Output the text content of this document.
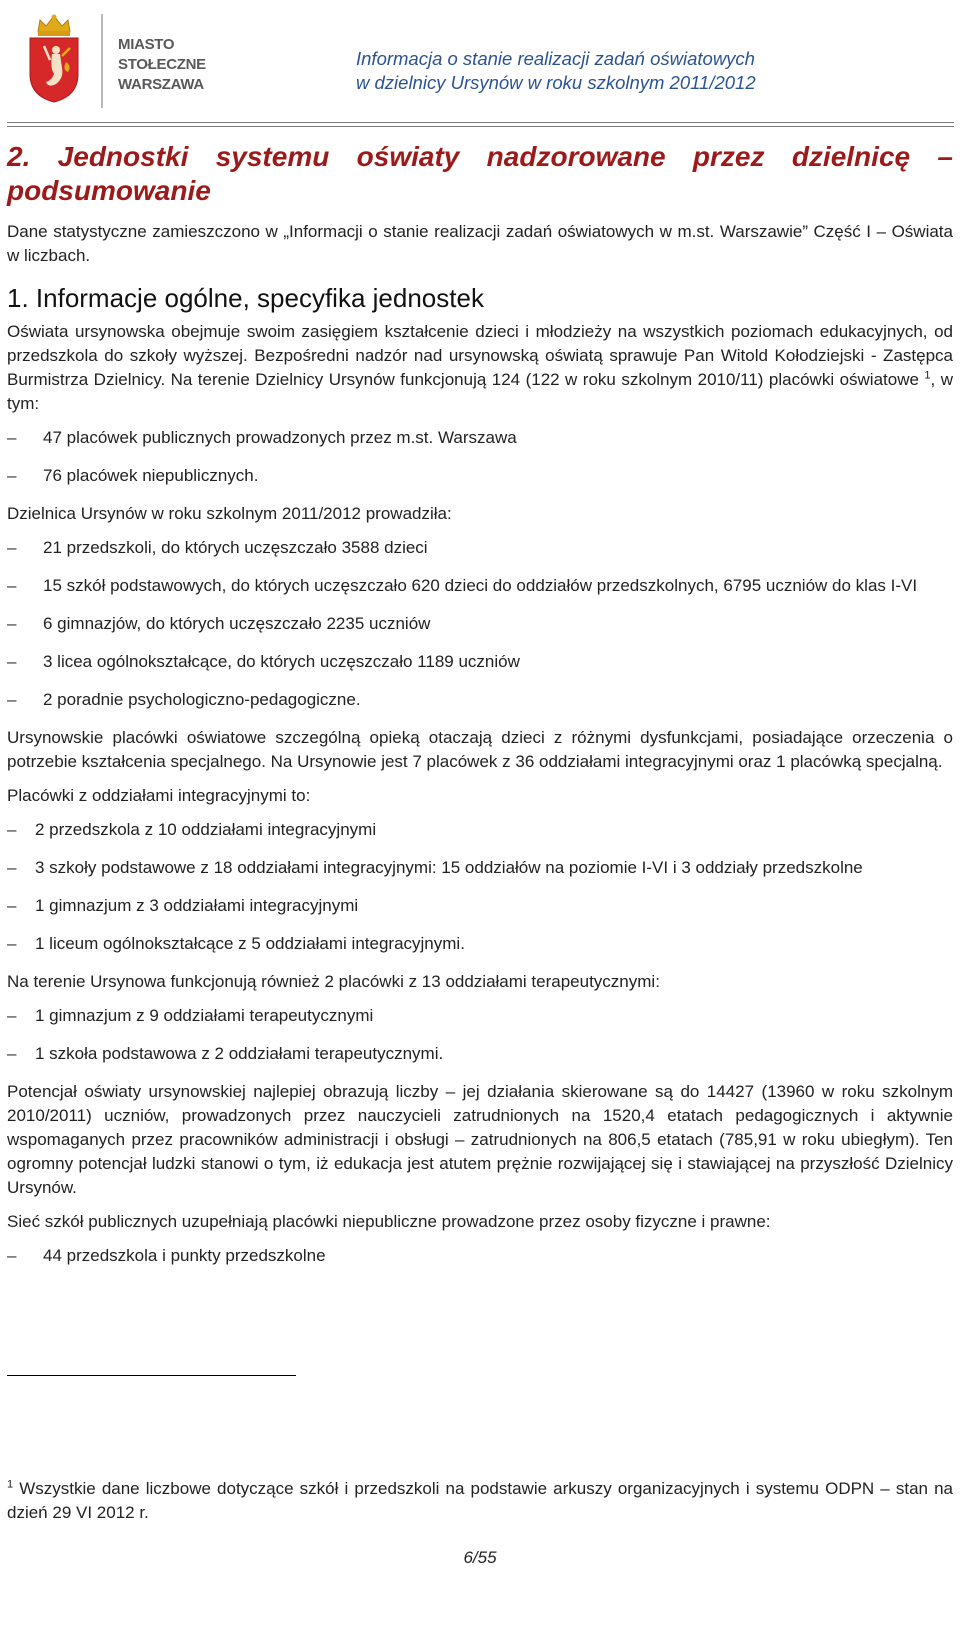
MIASTO
STOŁECZNE
WARSZAWA
Informacja o stanie realizacji zadań oświatowych
w dzielnicy Ursynów w roku szkolnym 2011/2012
2. Jednostki systemu oświaty nadzorowane przez dzielnicę – podsumowanie

Dane statystyczne zamieszczono w „Informacji o stanie realizacji zadań oświatowych w m.st. Warszawie” Część I – Oświata w liczbach.

1. Informacje ogólne, specyfika jednostek

Oświata ursynowska obejmuje swoim zasięgiem kształcenie dzieci i młodzieży na wszystkich poziomach edukacyjnych, od przedszkola do szkoły wyższej. Bezpośredni nadzór nad ursynowską oświatą sprawuje Pan Witold Kołodziejski - Zastępca Burmistrza Dzielnicy. Na terenie Dzielnicy Ursynów funkcjonują 124 (122 w roku szkolnym 2010/11) placówki oświatowe $^1$, w tym:

–	47 placówek publicznych prowadzonych przez m.st. Warszawa
–	76 placówek niepublicznych.

Dzielnica Ursynów w roku szkolnym 2011/2012 prowadziła:

–	21 przedszkoli, do których uczęszczało 3588 dzieci
–	15 szkół podstawowych, do których uczęszczało 620 dzieci do oddziałów przedszkolnych, 6795 uczniów do klas I-VI
–	6 gimnazjów, do których uczęszczało 2235 uczniów
–	3 licea ogólnokształcące, do których uczęszczało 1189 uczniów
–	2 poradnie psychologiczno-pedagogiczne.

Ursynowskie placówki oświatowe szczególną opieką otaczają dzieci z różnymi dysfunkcjami, posiadające orzeczenia o potrzebie kształcenia specjalnego. Na Ursynowie jest 7 placówek z 36 oddziałami integracyjnymi oraz 1 placówką specjalną.

Placówki z oddziałami integracyjnymi to:

–	2 przedszkola z 10 oddziałami integracyjnymi
–	3 szkoły podstawowe z 18 oddziałami integracyjnymi: 15 oddziałów na poziomie I-VI i 3 oddziały przedszkolne
–	1 gimnazjum z 3 oddziałami integracyjnymi
–	1 liceum ogólnokształcące z 5 oddziałami integracyjnymi.

Na terenie Ursynowa funkcjonują również 2 placówki z 13 oddziałami terapeutycznymi:

–	1 gimnazjum z 9 oddziałami terapeutycznymi
–	1 szkoła podstawowa z 2 oddziałami terapeutycznymi.

Potencjał oświaty ursynowskiej najlepiej obrazują liczby – jej działania skierowane są do 14427 (13960 w roku szkolnym 2010/2011) uczniów, prowadzonych przez nauczycieli zatrudnionych na 1520,4 etatach pedagogicznych i aktywnie wspomaganych przez pracowników administracji i obsługi – zatrudnionych na 806,5 etatach (785,91 w roku ubiegłym). Ten ogromny potencjał ludzki stanowi o tym, iż edukacja jest atutem prężnie rozwijającej się i stawiającej na przyszłość Dzielnicy Ursynów.

Sieć szkół publicznych uzupełniają placówki niepubliczne prowadzone przez osoby fizyczne i prawne:

–	44 przedszkola i punkty przedszkolne
$^1$ Wszystkie dane liczbowe dotyczące szkół i przedszkoli na podstawie arkuszy organizacyjnych i systemu ODPN – stan na dzień 29 VI 2012 r.
6/55
